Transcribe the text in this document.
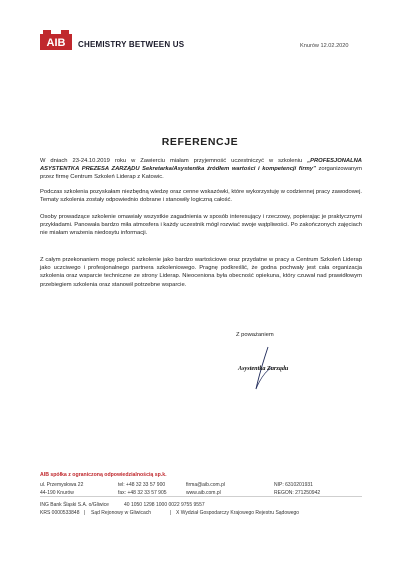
AIB CHEMISTRY BETWEEN US	Knurów 12.02.2020
REFERENCJE

W dniach 23-24.10.2019 roku w Zawierciu miałam przyjemność uczestniczyć w szkoleniu „PROFESJONALNA ASYSTENTKA PREZESA ZARZĄDU Sekretarka/Asystentka źródłem wartości i kompetencji firmy” zorganizowanym przez firmę Centrum Szkoleń Liderap z Katowic.

Podczas szkolenia pozyskałam niezbędną wiedzę oraz cenne wskazówki, które wykorzystuję w codziennej pracy zawodowej. Tematy szkolenia zostały odpowiednio dobrane i stanowiły logiczną całość.

Osoby prowadzące szkolenie omawiały wszystkie zagadnienia w sposób interesujący i rzeczowy, popierając je praktycznymi przykładami. Panowała bardzo miła atmosfera i każdy uczestnik mógł rozwiać swoje wątpliwości. Po zakończonych zajęciach nie miałam wrażenia niedosytu informacji.

Z całym przekonaniem mogę polecić szkolenie jako bardzo wartościowe oraz przydatne w pracy a Centrum Szkoleń Liderap jako uczciwego i profesjonalnego partnera szkoleniowego. Pragnę podkreślić, że godna pochwały jest cała organizacja szkolenia oraz wsparcie techniczne ze strony Liderap. Nieoceniona była obecność opiekuna, który czuwał nad prawidłowym przebiegiem szkolenia oraz stanowił potrzebne wsparcie.

Z poważaniem
Asystentka Zarządu
AIB spółka z ograniczoną odpowiedzialnością sp.k.
ul. Przemysłowa 22
44-190 Knurów
tel: +48 32 33 57 900
fax: +48 32 33 57 905
firma@aib.com.pl
www.aib.com.pl
NIP: 6310201931
REGON: 271250942
ING Bank Śląski S.A. o/Gliwice
KRS 0000533848
40 1050 1298 1000 0022 9755 9557
| Sąd Rejonowy w Gliwicach	| X Wydział Gospodarczy Krajowego Rejestru Sądowego
